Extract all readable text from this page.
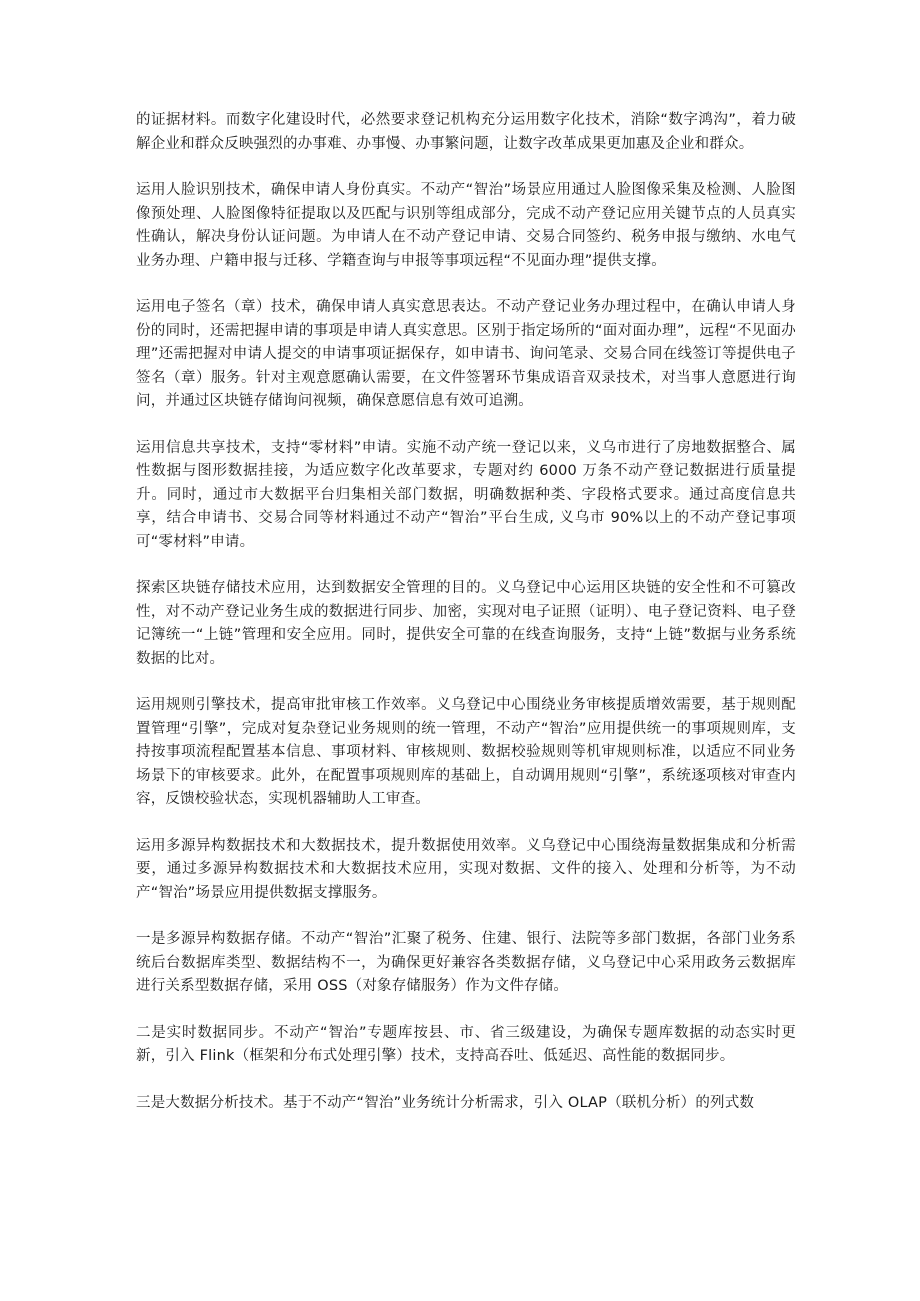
的证据材料。而数字化建设时代，必然要求登记机构充分运用数字化技术，消除“数字鸿沟”，着力破解企业和群众反映强烈的办事难、办事慢、办事繁问题，让数字改革成果更加惠及企业和群众。

运用人脸识别技术，确保申请人身份真实。不动产“智治”场景应用通过人脸图像采集及检测、人脸图像预处理、人脸图像特征提取以及匹配与识别等组成部分，完成不动产登记应用关键节点的人员真实性确认，解决身份认证问题。为申请人在不动产登记申请、交易合同签约、税务申报与缴纳、水电气业务办理、户籍申报与迁移、学籍查询与申报等事项远程“不见面办理”提供支撑。

运用电子签名（章）技术，确保申请人真实意思表达。不动产登记业务办理过程中，在确认申请人身份的同时，还需把握申请的事项是申请人真实意思。区别于指定场所的“面对面办理”，远程“不见面办理”还需把握对申请人提交的申请事项证据保存，如申请书、询问笔录、交易合同在线签订等提供电子签名（章）服务。针对主观意愿确认需要，在文件签署环节集成语音双录技术，对当事人意愿进行询问，并通过区块链存储询问视频，确保意愿信息有效可追溯。

运用信息共享技术，支持“零材料”申请。实施不动产统一登记以来，义乌市进行了房地数据整合、属性数据与图形数据挂接，为适应数字化改革要求，专题对约 6000 万条不动产登记数据进行质量提升。同时，通过市大数据平台归集相关部门数据，明确数据种类、字段格式要求。通过高度信息共享，结合申请书、交易合同等材料通过不动产“智治”平台生成, 义乌市 90%以上的不动产登记事项可“零材料”申请。

探索区块链存储技术应用，达到数据安全管理的目的。义乌登记中心运用区块链的安全性和不可篡改性，对不动产登记业务生成的数据进行同步、加密，实现对电子证照（证明）、电子登记资料、电子登记簿统一“上链”管理和安全应用。同时，提供安全可靠的在线查询服务，支持“上链”数据与业务系统数据的比对。

运用规则引擎技术，提高审批审核工作效率。义乌登记中心围绕业务审核提质增效需要，基于规则配置管理“引擎”，完成对复杂登记业务规则的统一管理，不动产“智治”应用提供统一的事项规则库，支持按事项流程配置基本信息、事项材料、审核规则、数据校验规则等机审规则标准，以适应不同业务场景下的审核要求。此外，在配置事项规则库的基础上，自动调用规则“引擎”，系统逐项核对审查内容，反馈校验状态，实现机器辅助人工审查。

运用多源异构数据技术和大数据技术，提升数据使用效率。义乌登记中心围绕海量数据集成和分析需要，通过多源异构数据技术和大数据技术应用，实现对数据、文件的接入、处理和分析等，为不动产“智治”场景应用提供数据支撑服务。

一是多源异构数据存储。不动产“智治”汇聚了税务、住建、银行、法院等多部门数据，各部门业务系统后台数据库类型、数据结构不一，为确保更好兼容各类数据存储，义乌登记中心采用政务云数据库进行关系型数据存储，采用 OSS（对象存储服务）作为文件存储。

二是实时数据同步。不动产“智治”专题库按县、市、省三级建设，为确保专题库数据的动态实时更新，引入 Flink（框架和分布式处理引擎）技术，支持高吞吐、低延迟、高性能的数据同步。

三是大数据分析技术。基于不动产“智治”业务统计分析需求，引入 OLAP（联机分析）的列式数
